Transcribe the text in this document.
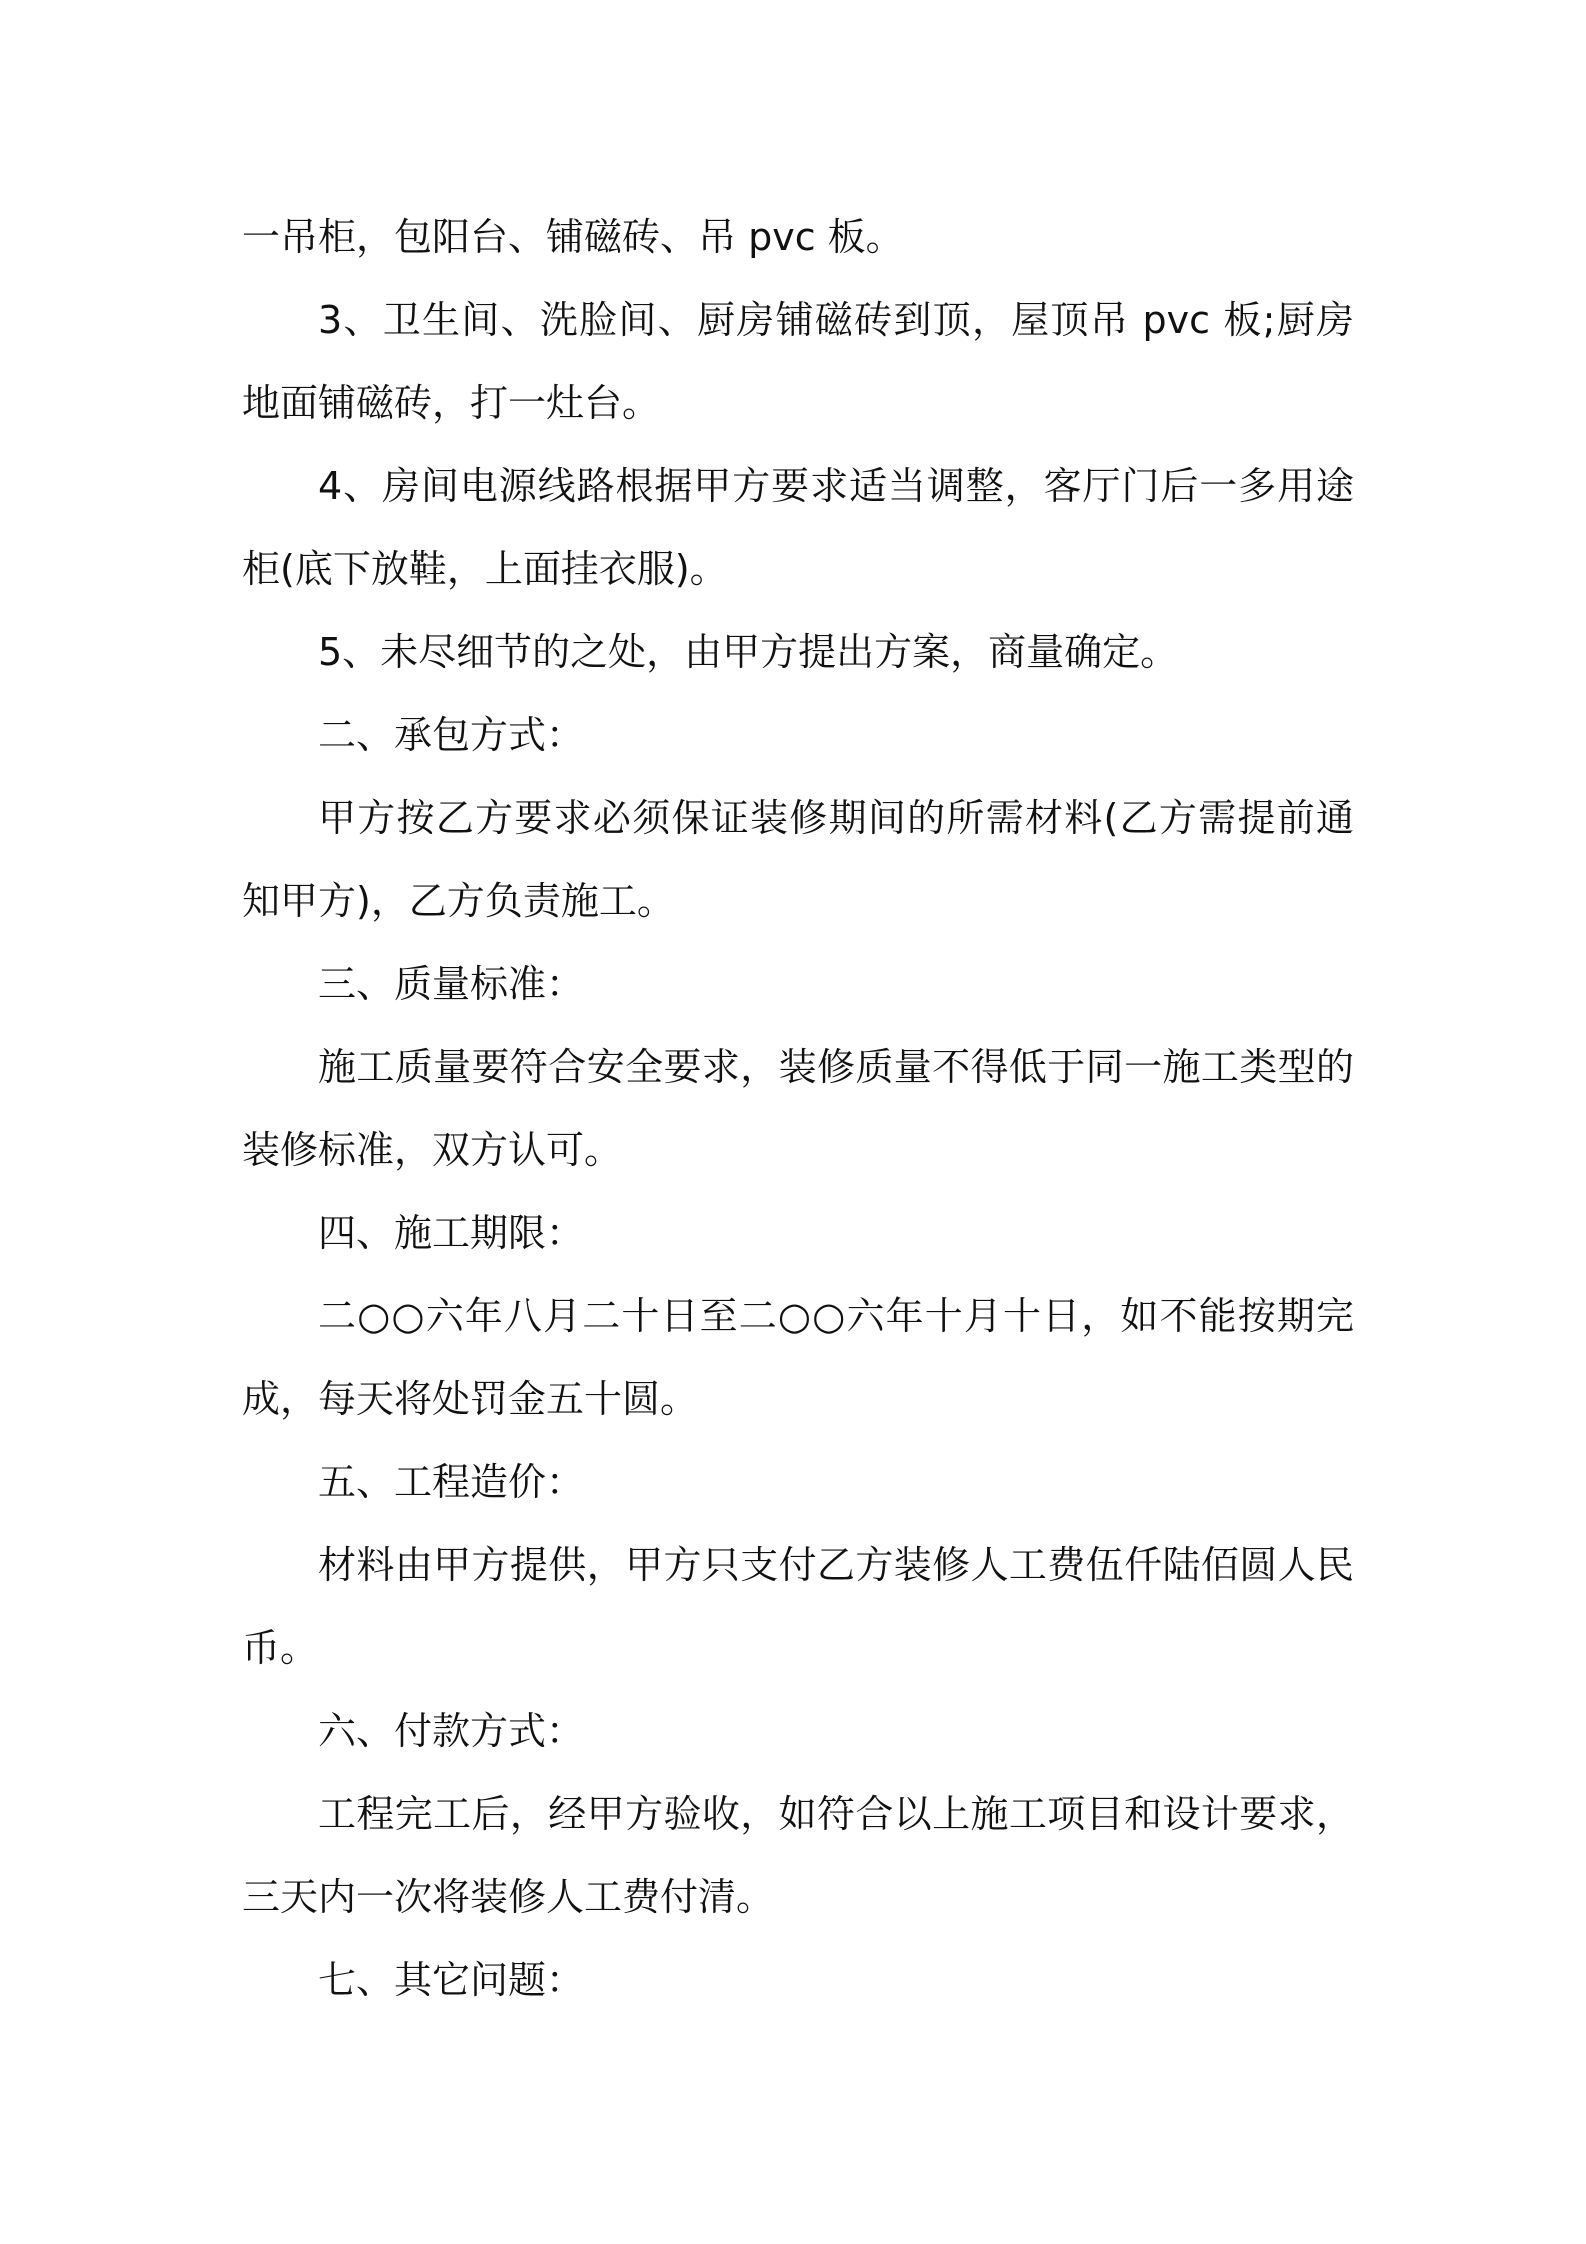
一吊柜，包阳台、铺磁砖、吊 pvc 板。

3、卫生间、洗脸间、厨房铺磁砖到顶，屋顶吊 pvc 板;厨房地面铺磁砖，打一灶台。

4、房间电源线路根据甲方要求适当调整，客厅门后一多用途柜(底下放鞋，上面挂衣服)。

5、未尽细节的之处，由甲方提出方案，商量确定。

二、承包方式：

甲方按乙方要求必须保证装修期间的所需材料(乙方需提前通知甲方)，乙方负责施工。

三、质量标准：

施工质量要符合安全要求，装修质量不得低于同一施工类型的装修标准，双方认可。

四、施工期限：

二○○六年八月二十日至二○○六年十月十日，如不能按期完成，每天将处罚金五十圆。

五、工程造价：

材料由甲方提供，甲方只支付乙方装修人工费伍仟陆佰圆人民币。

六、付款方式：

工程完工后，经甲方验收，如符合以上施工项目和设计要求，三天内一次将装修人工费付清。

七、其它问题：
